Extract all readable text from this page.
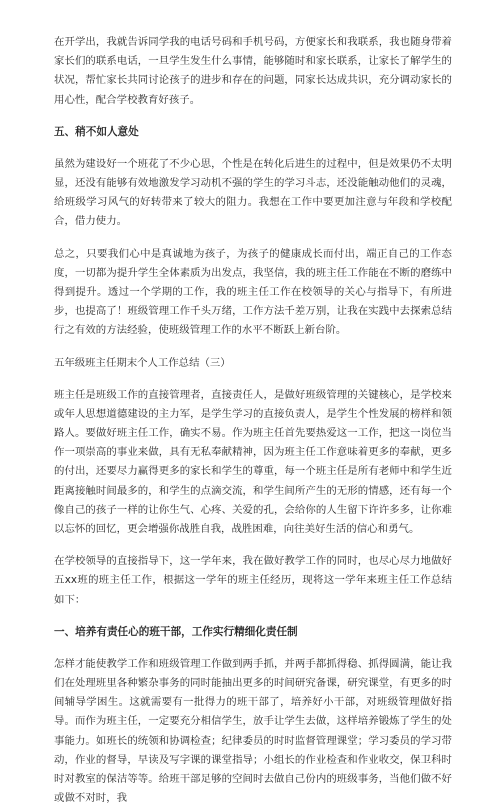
在开学出，我就告诉同学我的电话号码和手机号码，方便家长和我联系，我也随身带着家长们的联系电话，一旦学生发生什么事情，能够随时和家长联系，让家长了解学生的状况，帮忙家长共同讨论孩子的进步和存在的问题，同家长达成共识，充分调动家长的用心性，配合学校教育好孩子。

五、稍不如人意处

虽然为建设好一个班花了不少心思，个性是在转化后进生的过程中，但是效果仍不太明显，还没有能够有效地激发学习动机不强的学生的学习斗志，还没能触动他们的灵魂，给班级学习风气的好转带来了较大的阻力。我想在工作中要更加注意与年段和学校配合，借力使力。

总之，只要我们心中是真诚地为孩子，为孩子的健康成长而付出，端正自己的工作态度，一切都为提升学生全体素质为出发点，我坚信，我的班主任工作能在不断的磨练中得到提升。透过一个学期的工作，我的班主任工作在校领导的关心与指导下，有所进步，也提高了！班级管理工作千头万绪，工作方法千差万别，让我在实践中去探索总结行之有效的方法经验，使班级管理工作的水平不断跃上新台阶。

五年级班主任期末个人工作总结（三）

班主任是班级工作的直接管理者，直接责任人，是做好班级管理的关键核心，是学校来或年人思想道德建设的主力军，是学生学习的直接负责人，是学生个性发展的榜样和领路人。要做好班主任工作，确实不易。作为班主任首先要热爱这一工作，把这一岗位当作一项崇高的事业来做，具有无私奉献精神，因为班主任工作意味着更多的奉献，更多的付出，还要尽力赢得更多的家长和学生的尊重，每一个班主任是所有老师中和学生近距离接触时间最多的，和学生的点滴交流，和学生间所产生的无形的情感，还有每一个像自己的孩子一样的让你生气、心疼、关爱的孔，会给你的人生留下许许多多，让你难以忘怀的回忆，更会增强你战胜自我，战胜困难，向往美好生活的信心和勇气。

在学校领导的直接指导下，这一学年来，我在做好教学工作的同时，也尽心尽力地做好五xx班的班主任工作，根据这一学年的班主任经历，现将这一学年来班主任工作总结如下：

一、培养有责任心的班干部，工作实行精细化责任制

怎样才能使教学工作和班级管理工作做到两手抓，并两手都抓得稳、抓得圆满，能让我们在处理班里各种繁杂事务的同时能抽出更多的时间研究备课，研究课堂，有更多的时间辅导学困生。这就需要有一批得力的班干部了，培养好小干部，对班级管理做好指导。而作为班主任，一定要充分相信学生，放手让学生去做，这样培养锻炼了学生的处事能力。如班长的统领和协调检查；纪律委员的时时监督管理课堂；学习委员的学习带动，作业的督导，早读及写字课的课堂指导；小组长的作业检查和作业收交，保卫科时时对教室的保洁等等。给班干部足够的空间时去做自己份内的班级事务，当他们做不好或做不对时，我
